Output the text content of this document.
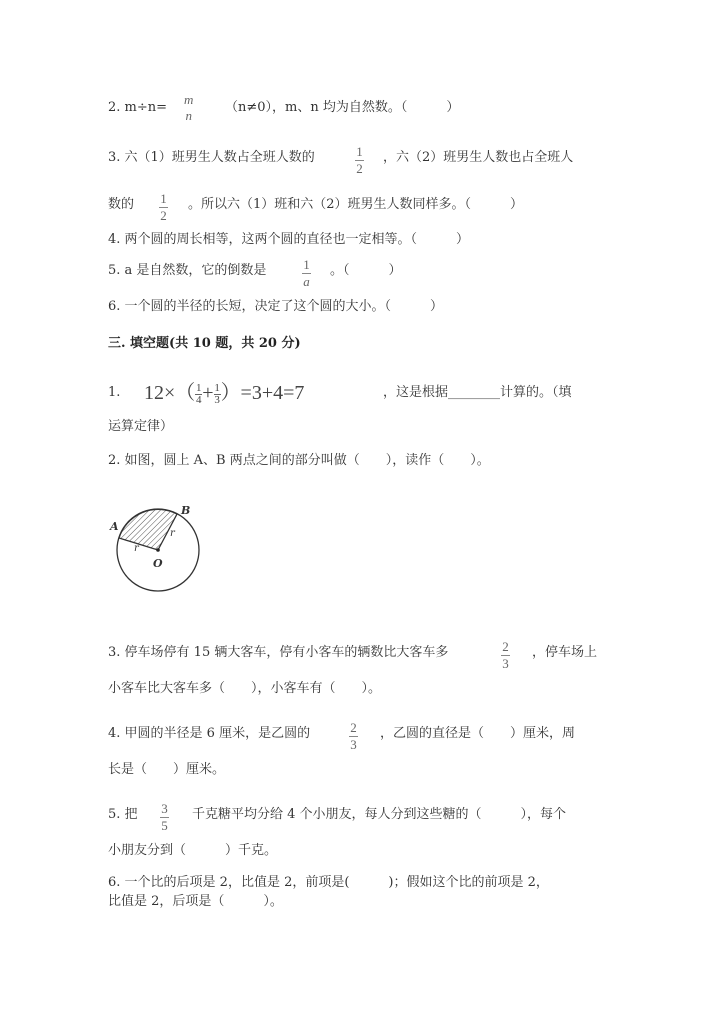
2. m÷n=
m
n
（n≠0），m、n 均为自然数。（　　　）
3. 六（1）班男生人数占全班人数的	1
2
，六（2）班男生人数也占全班人
数的 1
2
。所以六（1）班和六（2）班男生人数同样多。（　　　）
4. 两个圆的周长相等，这两个圆的直径也一定相等。（　　　）
5. a 是自然数，它的倒数是	1
a
。（　　　）
6. 一个圆的半径的长短，决定了这个圆的大小。（　　　）
三. 填空题(共 10 题，共 20 分)
1. $12\times( \frac{1}{4} + \frac{1}{3} )=3+4=7$	，这是根据________计算的。（填
运算定律）
2. 如图，圆上 A、B 两点之间的部分叫做（　　），读作（　　）。
A
B
O
r
r
3. 停车场停有 15 辆大客车，停有小客车的辆数比大客车多	2
3
，停车场上
小客车比大客车多（　　），小客车有（　　）。
4. 甲圆的半径是 6 厘米，是乙圆的	2
3
，乙圆的直径是（　　）厘米，周
长是（　　）厘米。
5. 把 3
5
千克糖平均分给 4 个小朋友，每人分到这些糖的（　　　），每个
小朋友分到（　　　）千克。
6. 一个比的后项是 2，比值是 2，前项是(　　　)；假如这个比的前项是 2，
比值是 2，后项是（　　　）。
